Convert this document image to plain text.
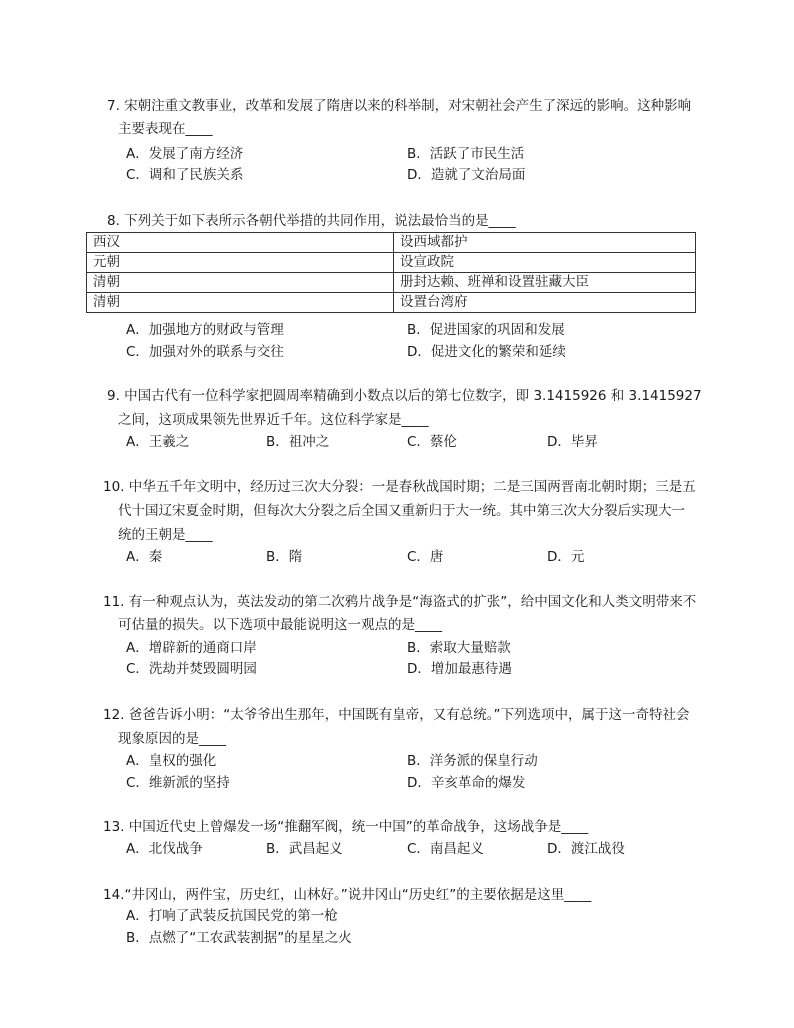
7. 宋朝注重文教事业，改革和发展了隋唐以来的科举制，对宋朝社会产生了深远的影响。这种影响
主要表现在____
A．发展了南方经济	B．活跃了市民生活
C．调和了民族关系	D．造就了文治局面
8. 下列关于如下表所示各朝代举措的共同作用，说法最恰当的是____
西汉	设西域都护
元朝	设宣政院
清朝	册封达赖、班禅和设置驻藏大臣
清朝	设置台湾府
A．加强地方的财政与管理	B．促进国家的巩固和发展
C．加强对外的联系与交往	D．促进文化的繁荣和延续
9. 中国古代有一位科学家把圆周率精确到小数点以后的第七位数字，即 3.1415926 和 3.1415927
之间，这项成果领先世界近千年。这位科学家是____
A．王羲之	B．祖冲之	C．蔡伦	D．毕昇
10. 中华五千年文明中，经历过三次大分裂：一是春秋战国时期；二是三国两晋南北朝时期；三是五
代十国辽宋夏金时期，但每次大分裂之后全国又重新归于大一统。其中第三次大分裂后实现大一
统的王朝是____
A．秦	B．隋	C．唐	D．元
11. 有一种观点认为，英法发动的第二次鸦片战争是“海盗式的扩张”，给中国文化和人类文明带来不
可估量的损失。以下选项中最能说明这一观点的是____
A．增辟新的通商口岸	B．索取大量赔款
C．洗劫并焚毁圆明园	D．增加最惠待遇
12. 爸爸告诉小明：“太爷爷出生那年，中国既有皇帝，又有总统。”下列选项中，属于这一奇特社会
现象原因的是____
A．皇权的强化	B．洋务派的保皇行动
C．维新派的坚持	D．辛亥革命的爆发
13. 中国近代史上曾爆发一场“推翻军阀，统一中国”的革命战争，这场战争是____
A．北伐战争	B．武昌起义	C．南昌起义	D．渡江战役
14.“井冈山，两件宝，历史红，山林好。”说井冈山“历史红”的主要依据是这里____
A．打响了武装反抗国民党的第一枪
B．点燃了“工农武装割据”的星星之火
